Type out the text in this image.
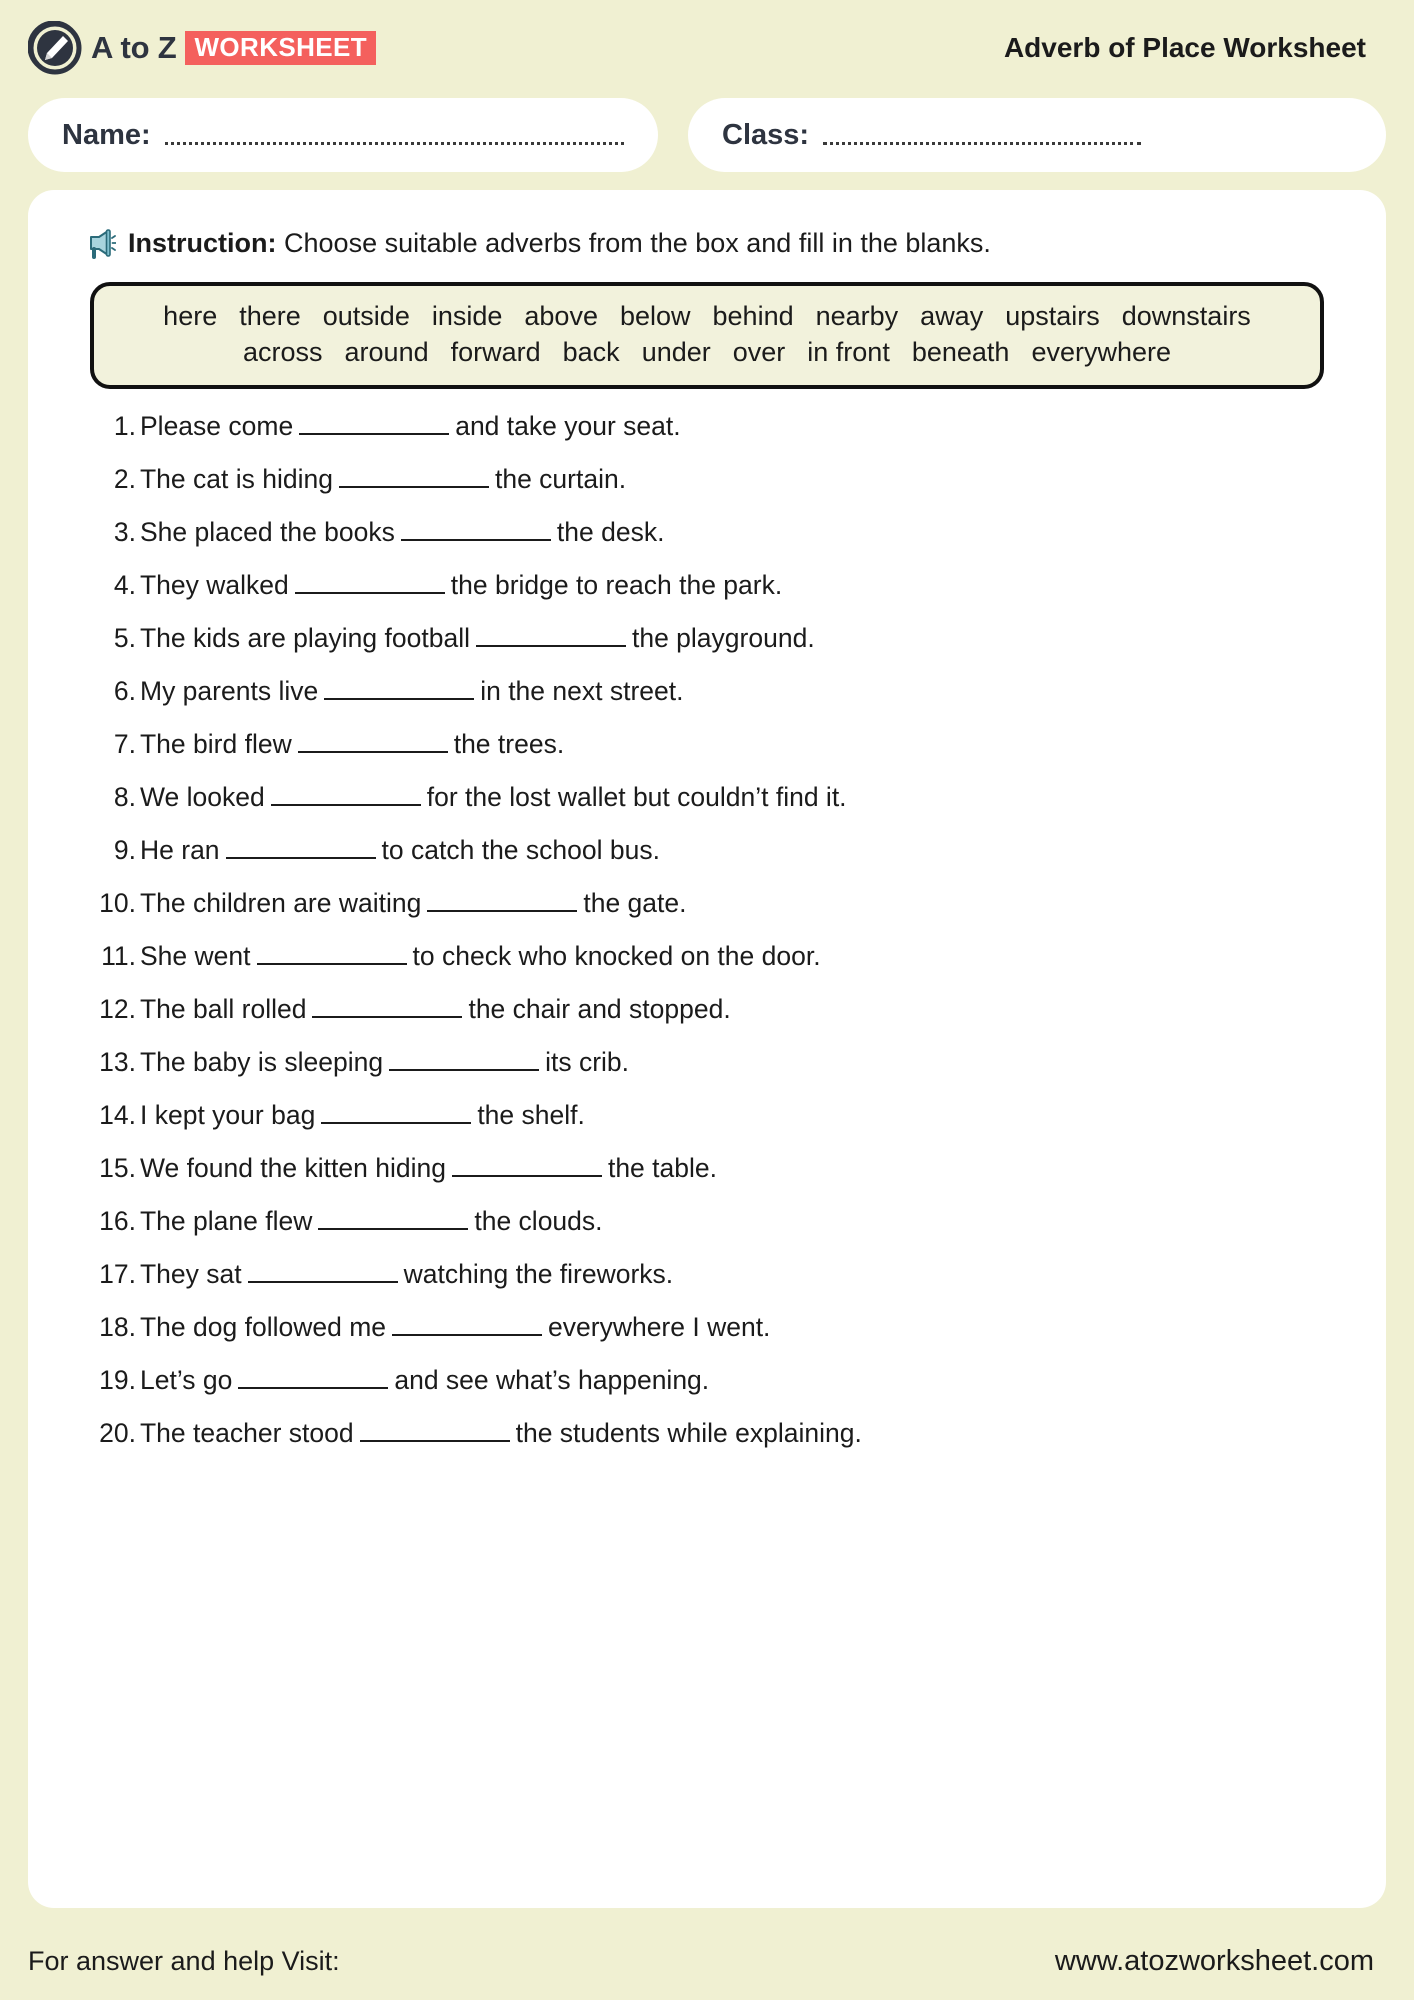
A to Z WORKSHEET	Adverb of Place Worksheet
Name:	Class:
Instruction: Choose suitable adverbs from the box and fill in the blanks.
here there outside inside above below behind nearby away upstairs downstairs
across around forward back under over in front beneath everywhere
1. Please come	and take your seat.
2. The cat is hiding	the curtain.
3. She placed the books	the desk.
4. They walked	the bridge to reach the park.
5. The kids are playing football	the playground.
6. My parents live	in the next street.
7. The bird flew	the trees.
8. We looked	for the lost wallet but couldn’t find it.
9. He ran	to catch the school bus.
10. The children are waiting	the gate.
11. She went	to check who knocked on the door.
12. The ball rolled	the chair and stopped.
13. The baby is sleeping	its crib.
14. I kept your bag	the shelf.
15. We found the kitten hiding	the table.
16. The plane flew	the clouds.
17. They sat	watching the fireworks.
18. The dog followed me	everywhere I went.
19. Let’s go	and see what’s happening.
20. The teacher stood	the students while explaining.
For answer and help Visit:	www.atozworksheet.com
